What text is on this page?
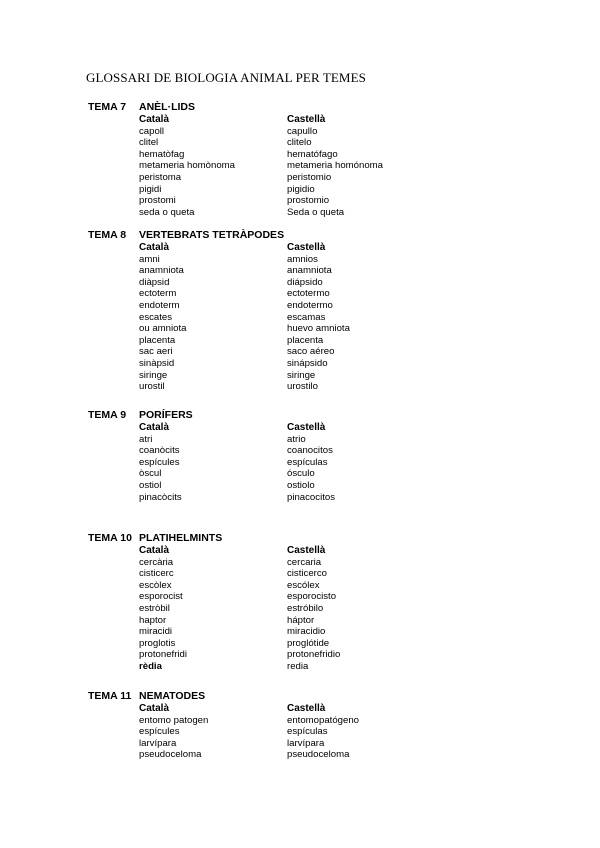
GLOSSARI DE BIOLOGIA ANIMAL PER TEMES
TEMA 7 ANÈL·LIDS
Català
capoll
clitel
hematòfag
metameria homònoma
peristoma
pigidi
prostomi
seda o queta
Castellà
capullo
clitelo
hematófago
metameria homónoma
peristomio
pigidio
prostomio
Seda o queta
TEMA 8 VERTEBRATS TETRÀPODES
Català
amni
anamniota
diàpsid
ectoterm
endoterm
escates
ou amniota
placenta
sac aeri
sinàpsid
siringe
urostil
Castellà
amnios
anamniota
diápsido
ectotermo
endotermo
escamas
huevo amniota
placenta
saco aéreo
sinápsido
siringe
urostilo
TEMA 9 PORÍFERS
Català
atri
coanòcits
espícules
òscul
ostiol
pinacòcits
Castellà
atrio
coanocitos
espículas
ósculo
ostiolo
pinacocitos
TEMA 10 PLATIHELMINTS
Català
cercària
cisticerc
escòlex
esporocist
estròbil
haptor
miracidi
proglotis
protonefridi
rèdia
Castellà
cercaria
cisticerco
escólex
esporocisto
estróbilo
háptor
miracidio
proglótide
protonefridio
redia
TEMA 11 NEMATODES
Català
entomo patogen
espícules
larvípara
pseudoceloma
Castellà
entomopatógeno
espículas
larvípara
pseudoceloma
